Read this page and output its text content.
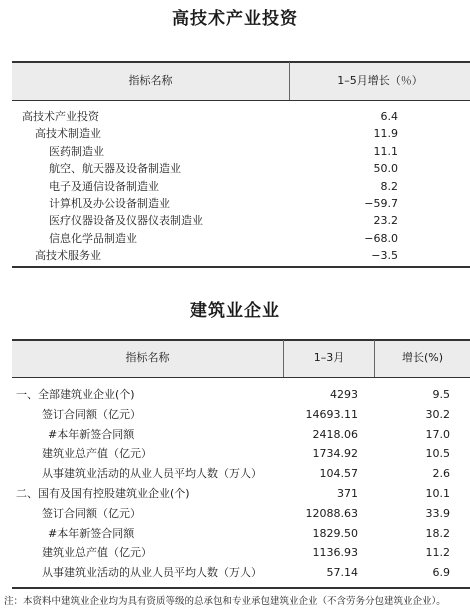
高技术产业投资
指标名称	1–5月增长（％）
高技术产业投资	6.4
高技术制造业	11.9
医药制造业	11.1
航空、航天器及设备制造业	50.0
电子及通信设备制造业	8.2
计算机及办公设备制造业	−59.7
医疗仪器设备及仪器仪表制造业	23.2
信息化学品制造业	−68.0
高技术服务业	−3.5
建筑业企业
指标名称	1–3月	增长(%)
一、全部建筑业企业(个)	4293	9.5
签订合同额（亿元）	14693.11	30.2
#本年新签合同额	2418.06	17.0
建筑业总产值（亿元）	1734.92	10.5
从事建筑业活动的从业人员平均人数（万人）	104.57	2.6
二、国有及国有控股建筑业企业(个)	371	10.1
签订合同额（亿元）	12088.63	33.9
#本年新签合同额	1829.50	18.2
建筑业总产值（亿元）	1136.93	11.2
从事建筑业活动的从业人员平均人数（万人）	57.14	6.9
注：本资料中建筑业企业均为具有资质等级的总承包和专业承包建筑业企业（不含劳务分包建筑业企业）。
